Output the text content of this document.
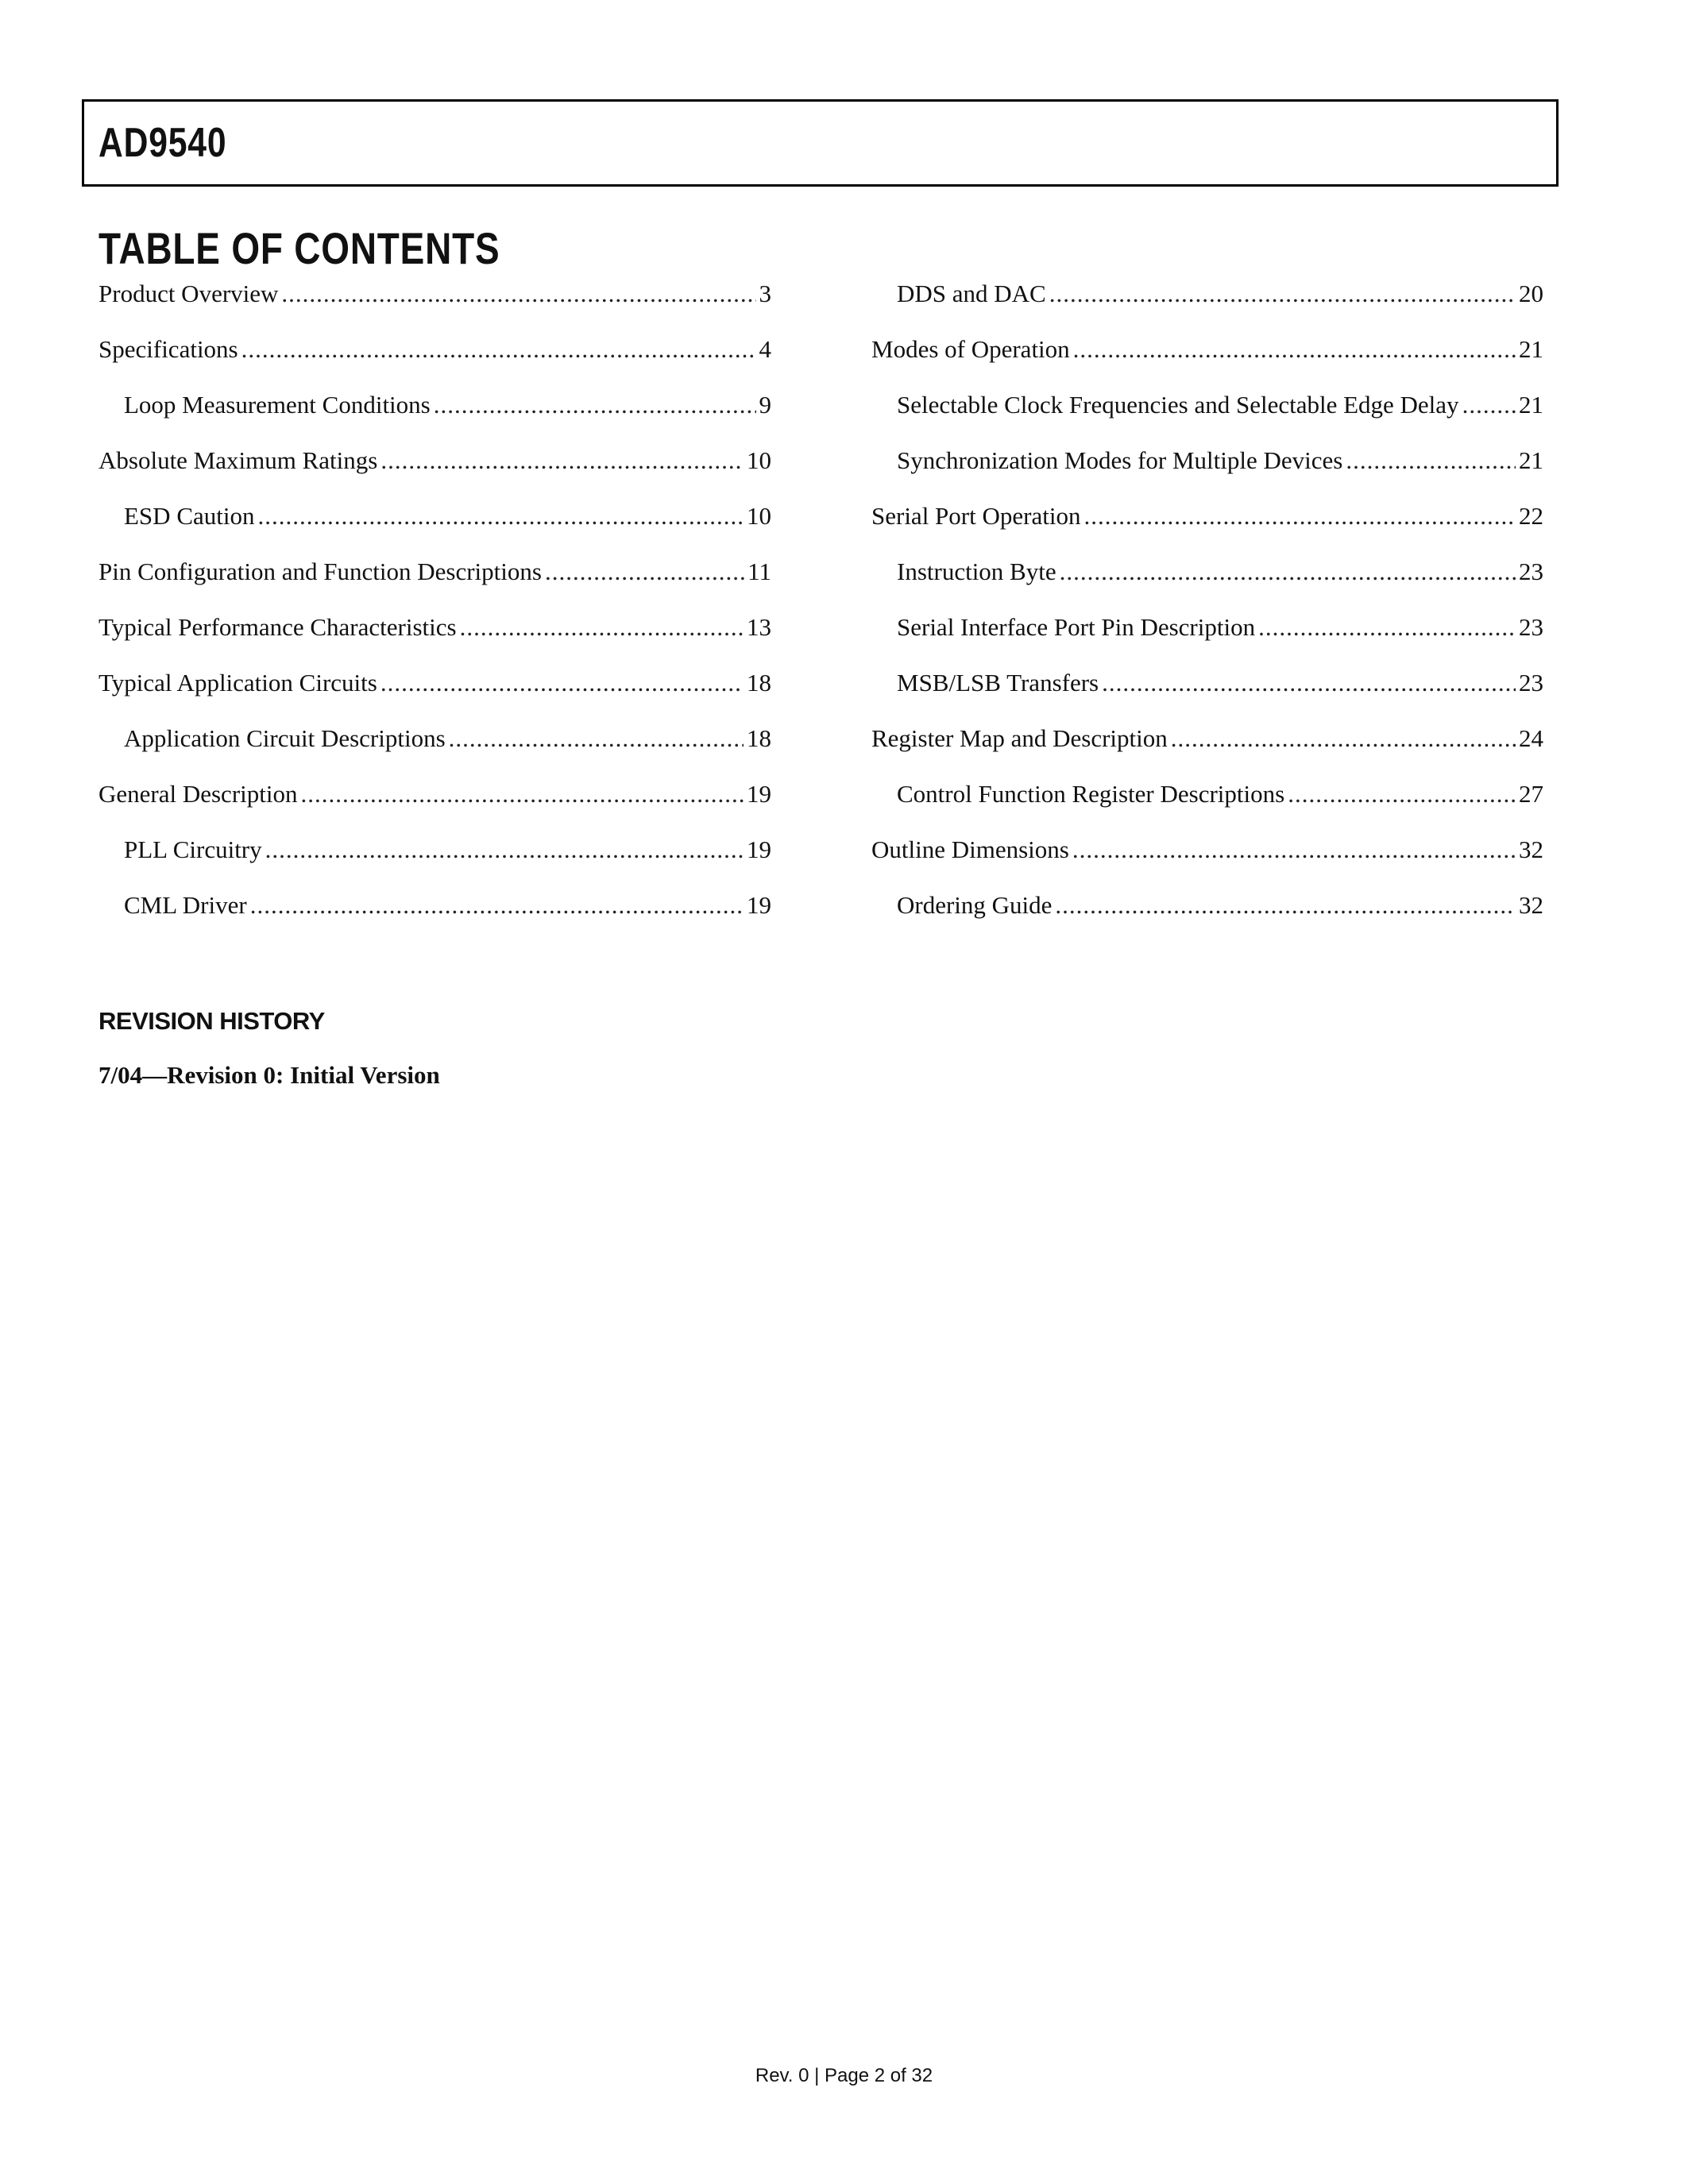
AD9540
TABLE OF CONTENTS
Product Overview .....	3
Specifications .....	4
Loop Measurement Conditions .....	9
Absolute Maximum Ratings .....	10
ESD Caution .....	10
Pin Configuration and Function Descriptions .....	11
Typical Performance Characteristics .....	13
Typical Application Circuits .....	18
Application Circuit Descriptions .....	18
General Description .....	19
PLL Circuitry .....	19
CML Driver .....	19
DDS and DAC .....	20
Modes of Operation .....	21
Selectable Clock Frequencies and Selectable Edge Delay ..... 21
Synchronization Modes for Multiple Devices .....	21
Serial Port Operation .....	22
Instruction Byte .....	23
Serial Interface Port Pin Description .....	23
MSB/LSB Transfers .....	23
Register Map and Description .....	24
Control Function Register Descriptions .....	27
Outline Dimensions .....	32
Ordering Guide .....	32
REVISION HISTORY
7/04—Revision 0: Initial Version
Rev. 0 | Page 2 of 32
